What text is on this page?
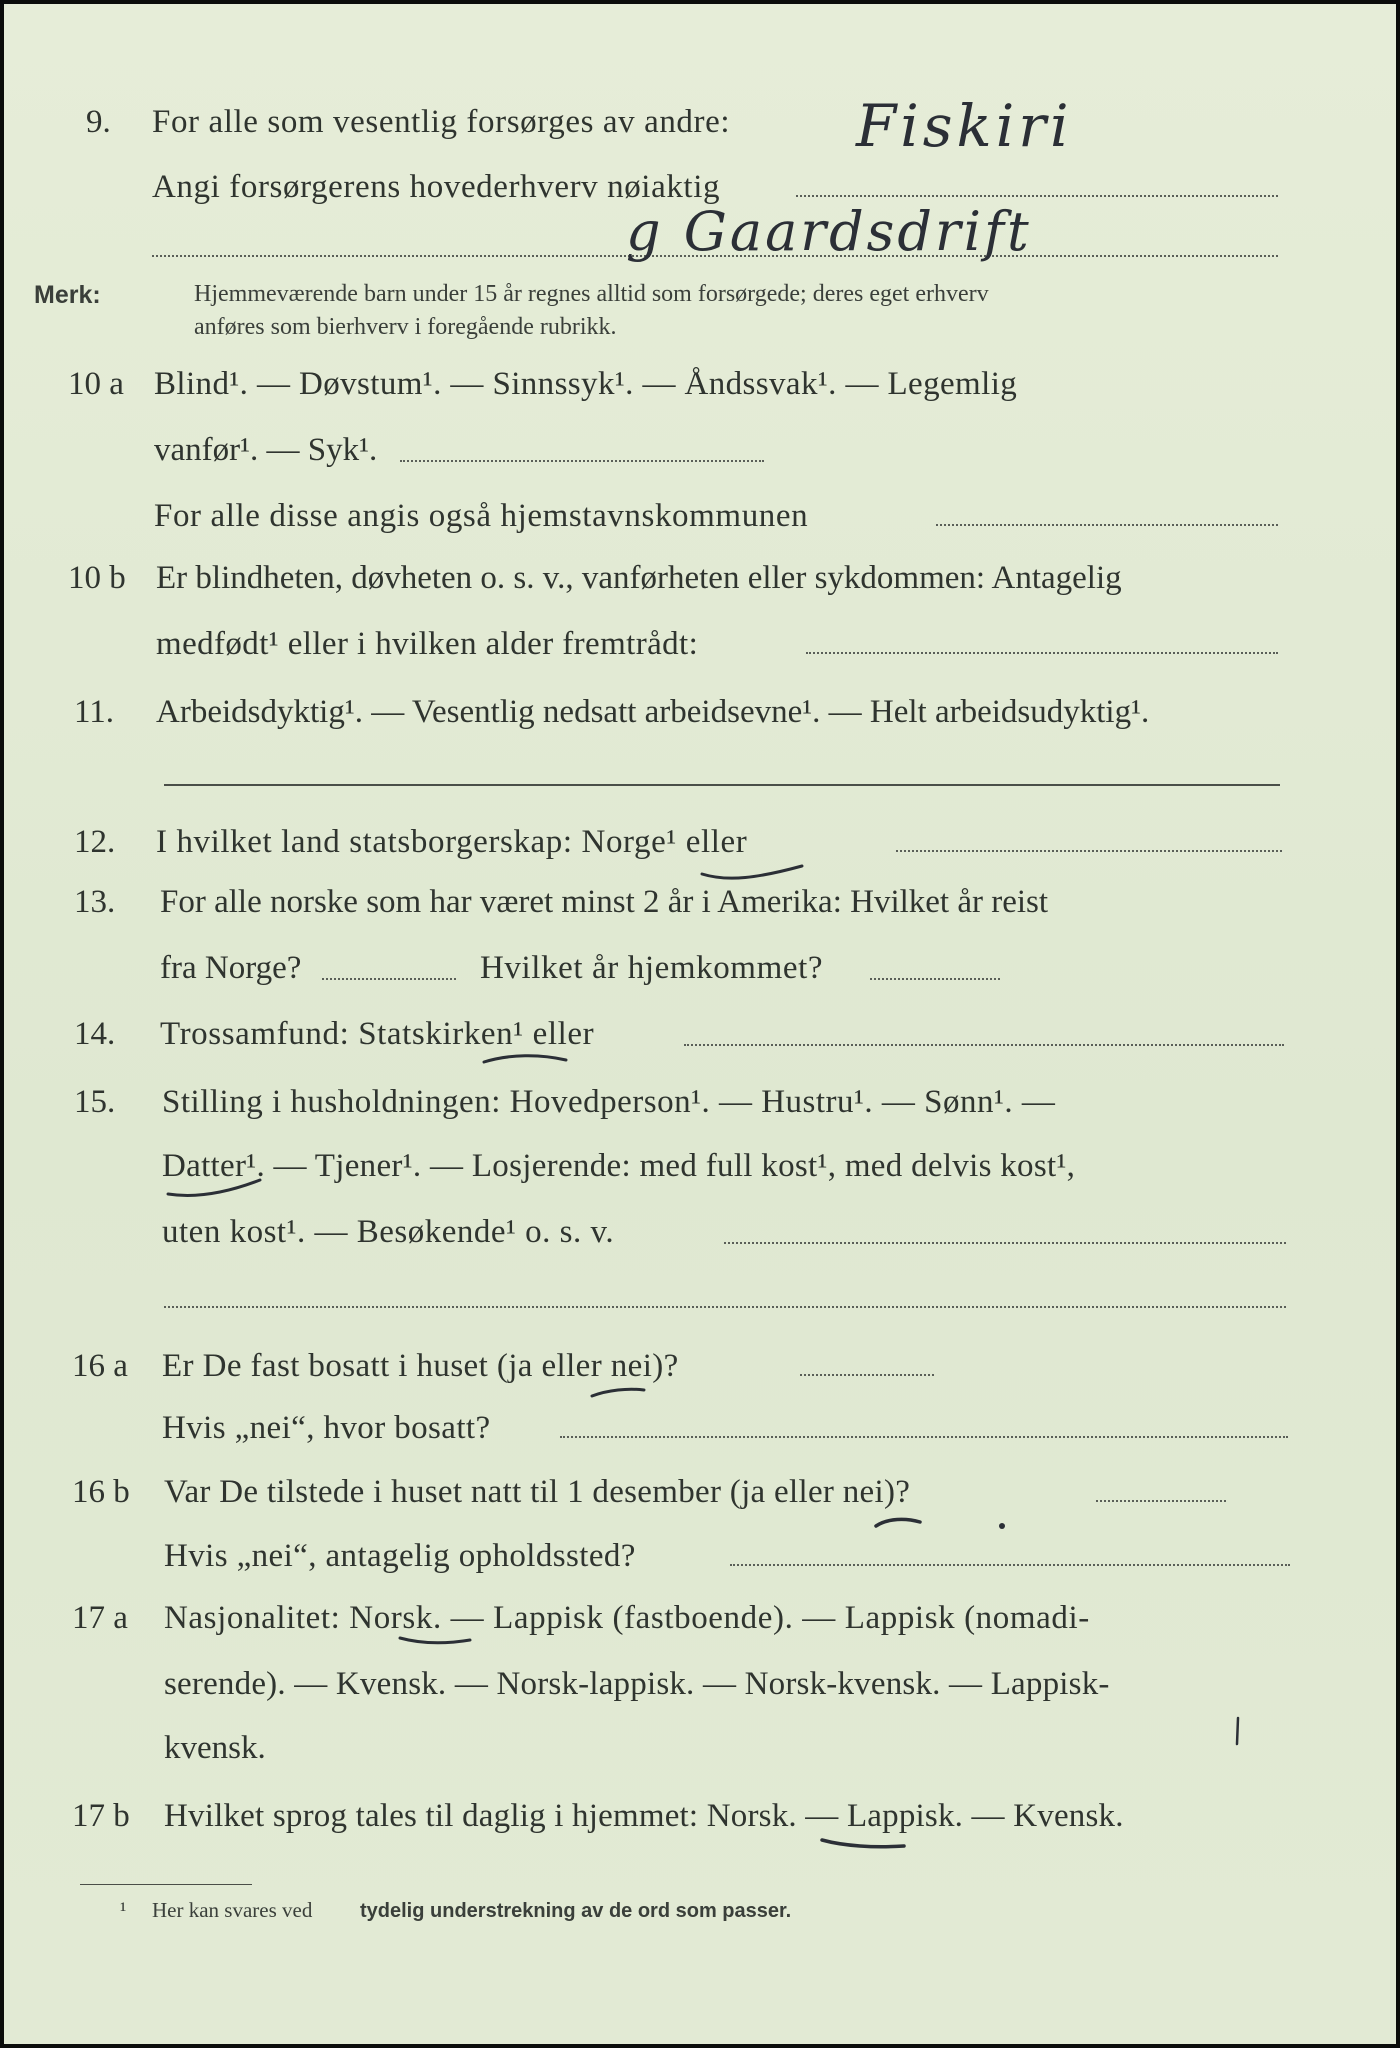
9. For alle som vesentlig forsørges av andre:
Angi forsørgerens hovederhverv nøiaktig
Fiskiri
g Gaardsdrift
Merk:	Hjemmeværende barn under 15 år regnes alltid som forsørgede; deres eget erhverv
anføres som bierhverv i foregående rubrikk.
10 a Blind¹. — Døvstum¹. — Sinnssyk¹. — Åndssvak¹. — Legemlig
vanfør¹. — Syk¹.
For alle disse angis også hjemstavnskommunen
10 b Er blindheten, døvheten o. s. v., vanførheten eller sykdommen: Antagelig
medfødt¹ eller i hvilken alder fremtrådt:
11. Arbeidsdyktig¹. — Vesentlig nedsatt arbeidsevne¹. — Helt arbeidsudyktig¹.
12. I hvilket land statsborgerskap: Norge¹ eller
13. For alle norske som har været minst 2 år i Amerika: Hvilket år reist
fra Norge?	Hvilket år hjemkommet?
14. Trossamfund: Statskirken¹ eller
15. Stilling i husholdningen: Hovedperson¹. — Hustru¹. — Sønn¹. —
Datter¹. — Tjener¹. — Losjerende: med full kost¹, med delvis kost¹,
uten kost¹. — Besøkende¹ o. s. v.
16 a Er De fast bosatt i huset (ja eller nei)?
Hvis „nei“, hvor bosatt?
16 b Var De tilstede i huset natt til 1 desember (ja eller nei)?
Hvis „nei“, antagelig opholdssted?
17 a Nasjonalitet: Norsk. — Lappisk (fastboende). — Lappisk (nomadi-
serende). — Kvensk. — Norsk-lappisk. — Norsk-kvensk. — Lappisk-
kvensk.
17 b Hvilket sprog tales til daglig i hjemmet: Norsk. — Lappisk. — Kvensk.
¹ Her kan svares ved tydelig understrekning av de ord som passer.
